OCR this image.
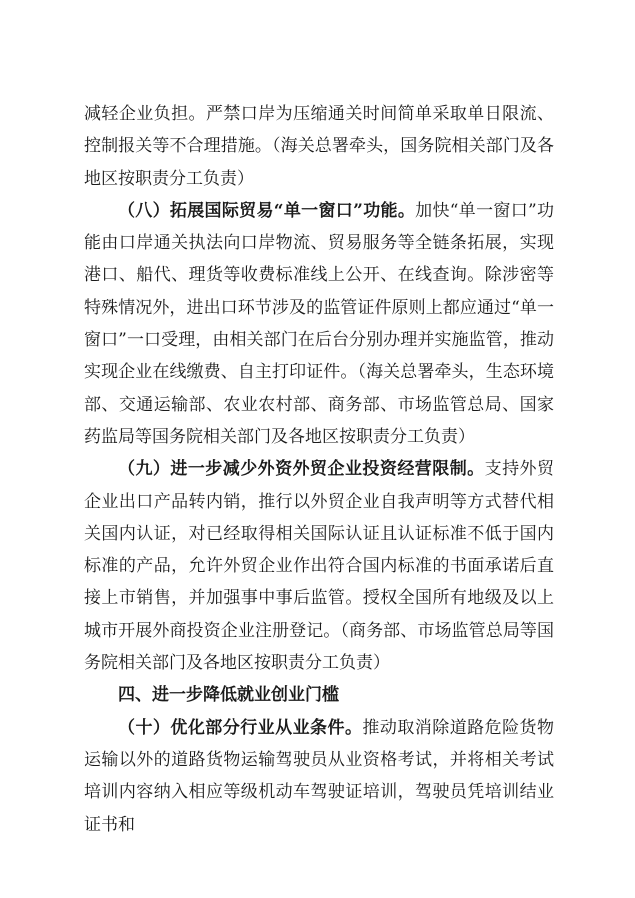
减轻企业负担。严禁口岸为压缩通关时间简单采取单日限流、控制报关等不合理措施。（海关总署牵头，国务院相关部门及各地区按职责分工负责）

（八）拓展国际贸易“单一窗口”功能。加快“单一窗口”功能由口岸通关执法向口岸物流、贸易服务等全链条拓展，实现港口、船代、理货等收费标准线上公开、在线查询。除涉密等特殊情况外，进出口环节涉及的监管证件原则上都应通过“单一窗口”一口受理，由相关部门在后台分别办理并实施监管，推动实现企业在线缴费、自主打印证件。（海关总署牵头，生态环境部、交通运输部、农业农村部、商务部、市场监管总局、国家药监局等国务院相关部门及各地区按职责分工负责）

（九）进一步减少外资外贸企业投资经营限制。支持外贸企业出口产品转内销，推行以外贸企业自我声明等方式替代相关国内认证，对已经取得相关国际认证且认证标准不低于国内标准的产品，允许外贸企业作出符合国内标准的书面承诺后直接上市销售，并加强事中事后监管。授权全国所有地级及以上城市开展外商投资企业注册登记。（商务部、市场监管总局等国务院相关部门及各地区按职责分工负责）

四、进一步降低就业创业门槛

（十）优化部分行业从业条件。推动取消除道路危险货物运输以外的道路货物运输驾驶员从业资格考试，并将相关考试培训内容纳入相应等级机动车驾驶证培训，驾驶员凭培训结业证书和
